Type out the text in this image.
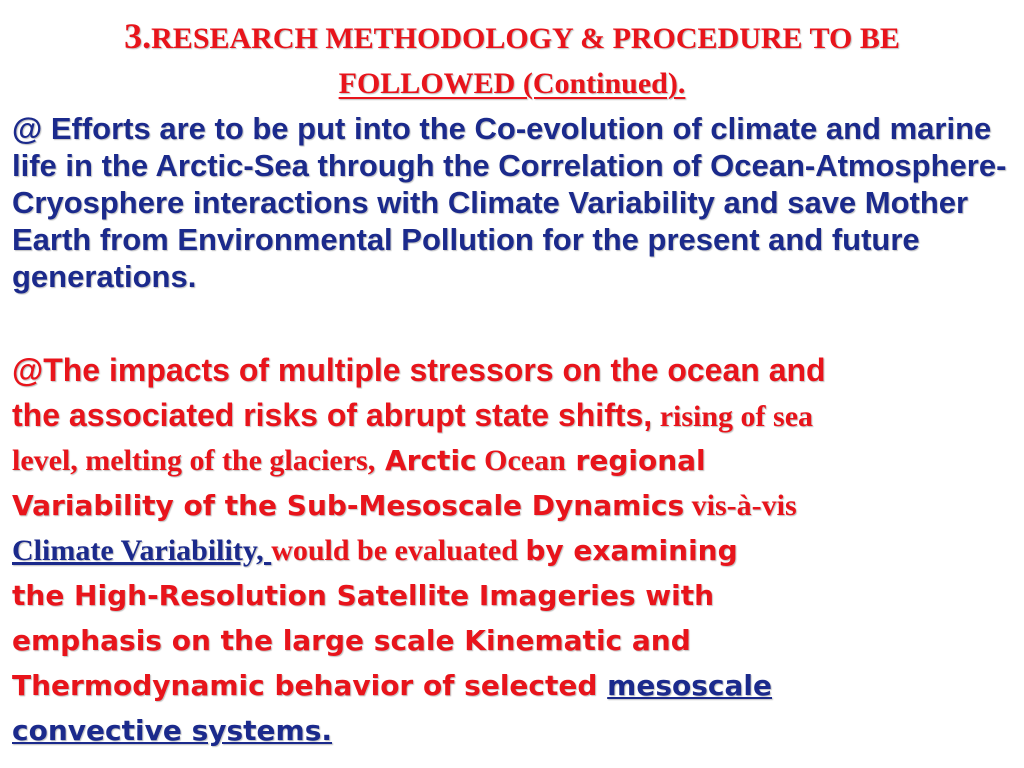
3.RESEARCH METHODOLOGY & PROCEDURE TO BE
FOLLOWED (Continued).

@ Efforts are to be put into the Co-evolution of climate and marine life in the Arctic-Sea through the Correlation of Ocean-Atmosphere-Cryosphere interactions with Climate Variability and save Mother Earth from Environmental Pollution for the present and future generations.

@The impacts of multiple stressors on the ocean and
the associated risks of abrupt state shifts, rising of sea
level, melting of the glaciers, Arctic Ocean regional
Variability of the Sub-Mesoscale Dynamics vis-à-vis
Climate Variability, would be evaluated by examining
the High-Resolution Satellite Imageries with
emphasis on the large scale Kinematic and
Thermodynamic behavior of selected mesoscale
convective systems.
